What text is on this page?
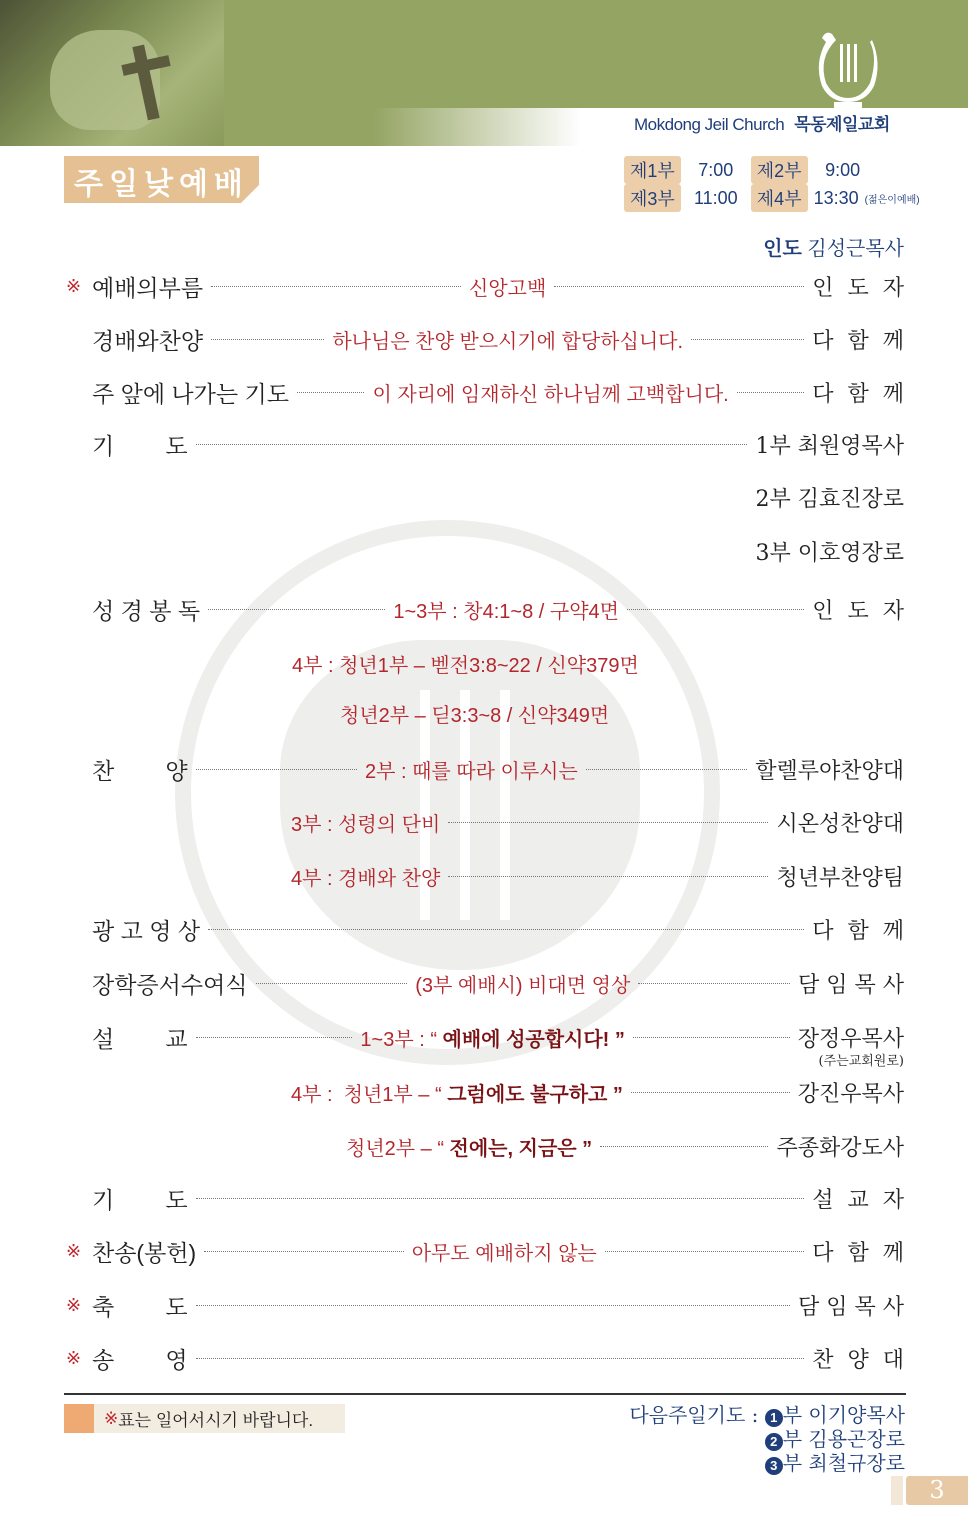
Mokdong Jeil Church 목동제일교회
주일낮예배	제1부	7:00	제2부	9:00
제3부	11:00	제4부 13:30 (젊은이예배)
인도 김성근목사
※ 예배의부름	신앙고백	인  도  자
경배와찬양	하나님은 찬양 받으시기에 합당하십니다.	다  함  께
주 앞에 나가는 기도	이 자리에 임재하신 하나님께 고백합니다.	다  함  께
기        도	1부 최원영목사
2부 김효진장로
3부 이호영장로
성 경 봉 독	1~3부 : 창4:1~8 / 구약4면	인  도  자
4부 : 청년1부 – 벧전3:8~22 / 신약379면
청년2부 – 딛3:3~8 / 신약349면
찬        양	2부 : 때를 따라 이루시는	할렐루야찬양대
3부 : 성령의 단비	시온성찬양대
4부 : 경배와 찬양	청년부찬양팀
광 고 영 상	다  함  께
장학증서수여식	(3부 예배시) 비대면 영상	담 임 목 사
설        교	1~3부 : “ 예배에 성공합시다! ”	장정우목사
(주는교회원로)
4부 :  청년1부 – “ 그럼에도 불구하고 ”	강진우목사
청년2부 – “ 전에는, 지금은 ”	주종화강도사
기        도	설  교  자
※ 찬송(봉헌)	아무도 예배하지 않는	다  함  께
※ 축        도	담 임 목 사
※ 송        영	찬  양  대
※ 표는 일어서시기 바랍니다.	다음주일기도 : 1 부 이기양목사
2 부 김용곤장로
3 부 최철규장로
3
